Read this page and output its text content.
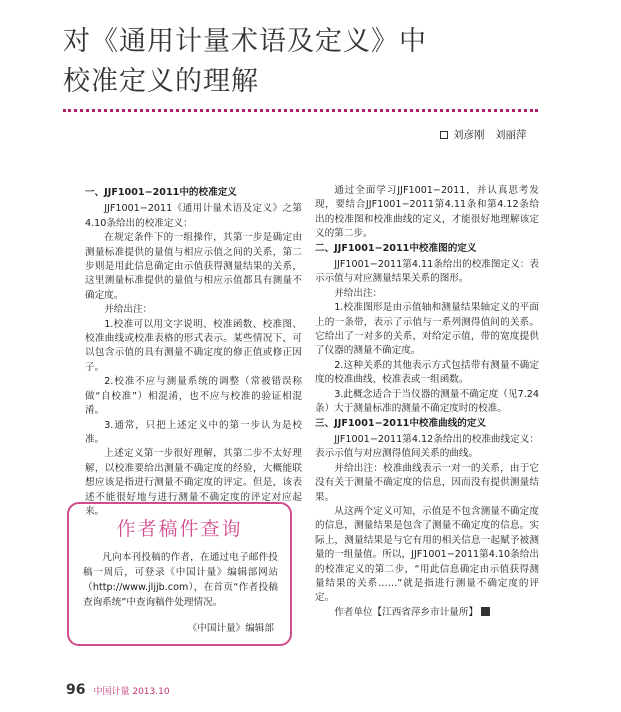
对《通用计量术语及定义》中
校准定义的理解
刘彦刚　刘丽萍

一、JJF1001−2011中的校准定义

JJF1001−2011《通用计量术语及定义》之第4.10条给出的校准定义：

在规定条件下的一组操作，其第一步是确定由测量标准提供的量值与相应示值之间的关系，第二步则是用此信息确定由示值获得测量结果的关系，这里测量标准提供的量值与相应示值都具有测量不确定度。

并给出注：

1.校准可以用文字说明、校准函数、校准图、校准曲线或校准表格的形式表示。某些情况下，可以包含示值的具有测量不确定度的修正值或修正因子。

2.校准不应与测量系统的调整（常被错误称做“自校准”）相混淆，也不应与校准的验证相混淆。

3.通常，只把上述定义中的第一步认为是校准。

上述定义第一步很好理解，其第二步不太好理解，以校准要给出测量不确定度的经验，大概能联想应该是指进行测量不确定度的评定。但是，该表述不能很好地与进行测量不确定度的评定对应起来。

通过全面学习JJF1001−2011，并认真思考发现，要结合JJF1001−2011第4.11条和第4.12条给出的校准图和校准曲线的定义，才能很好地理解该定义的第二步。

二、JJF1001−2011中校准图的定义

JJF1001−2011第4.11条给出的校准图定义：表示示值与对应测量结果关系的图形。

并给出注：

1.校准图形是由示值轴和测量结果轴定义的平面上的一条带，表示了示值与一系列测得值间的关系。它给出了一对多的关系，对给定示值，带的宽度提供了仪器的测量不确定度。

2.这种关系的其他表示方式包括带有测量不确定度的校准曲线、校准表或一组函数。

3.此概念适合于当仪器的测量不确定度（见7.24条）大于测量标准的测量不确定度时的校准。

三、JJF1001−2011中校准曲线的定义

JJF1001−2011第4.12条给出的校准曲线定义：表示示值与对应测得值间关系的曲线。

并给出注：校准曲线表示一对一的关系，由于它没有关于测量不确定度的信息，因而没有提供测量结果。

从这两个定义可知，示值是不包含测量不确定度的信息，测量结果是包含了测量不确定度的信息。实际上，测量结果是与它有用的相关信息一起赋予被测量的一组量值。所以，JJF1001−2011第4.10条给出的校准定义的第二步，“用此信息确定由示值获得测量结果的关系……”就是指进行测量不确定度的评定。

作者单位【江西省萍乡市计量所】

作者稿件查询

凡向本刊投稿的作者，在通过电子邮件投稿一周后，可登录《中国计量》编辑部网站（http://www.jljjb.com），在首页“作者投稿查询系统”中查询稿件处理情况。

《中国计量》编辑部
96 中国计量 2013.10
